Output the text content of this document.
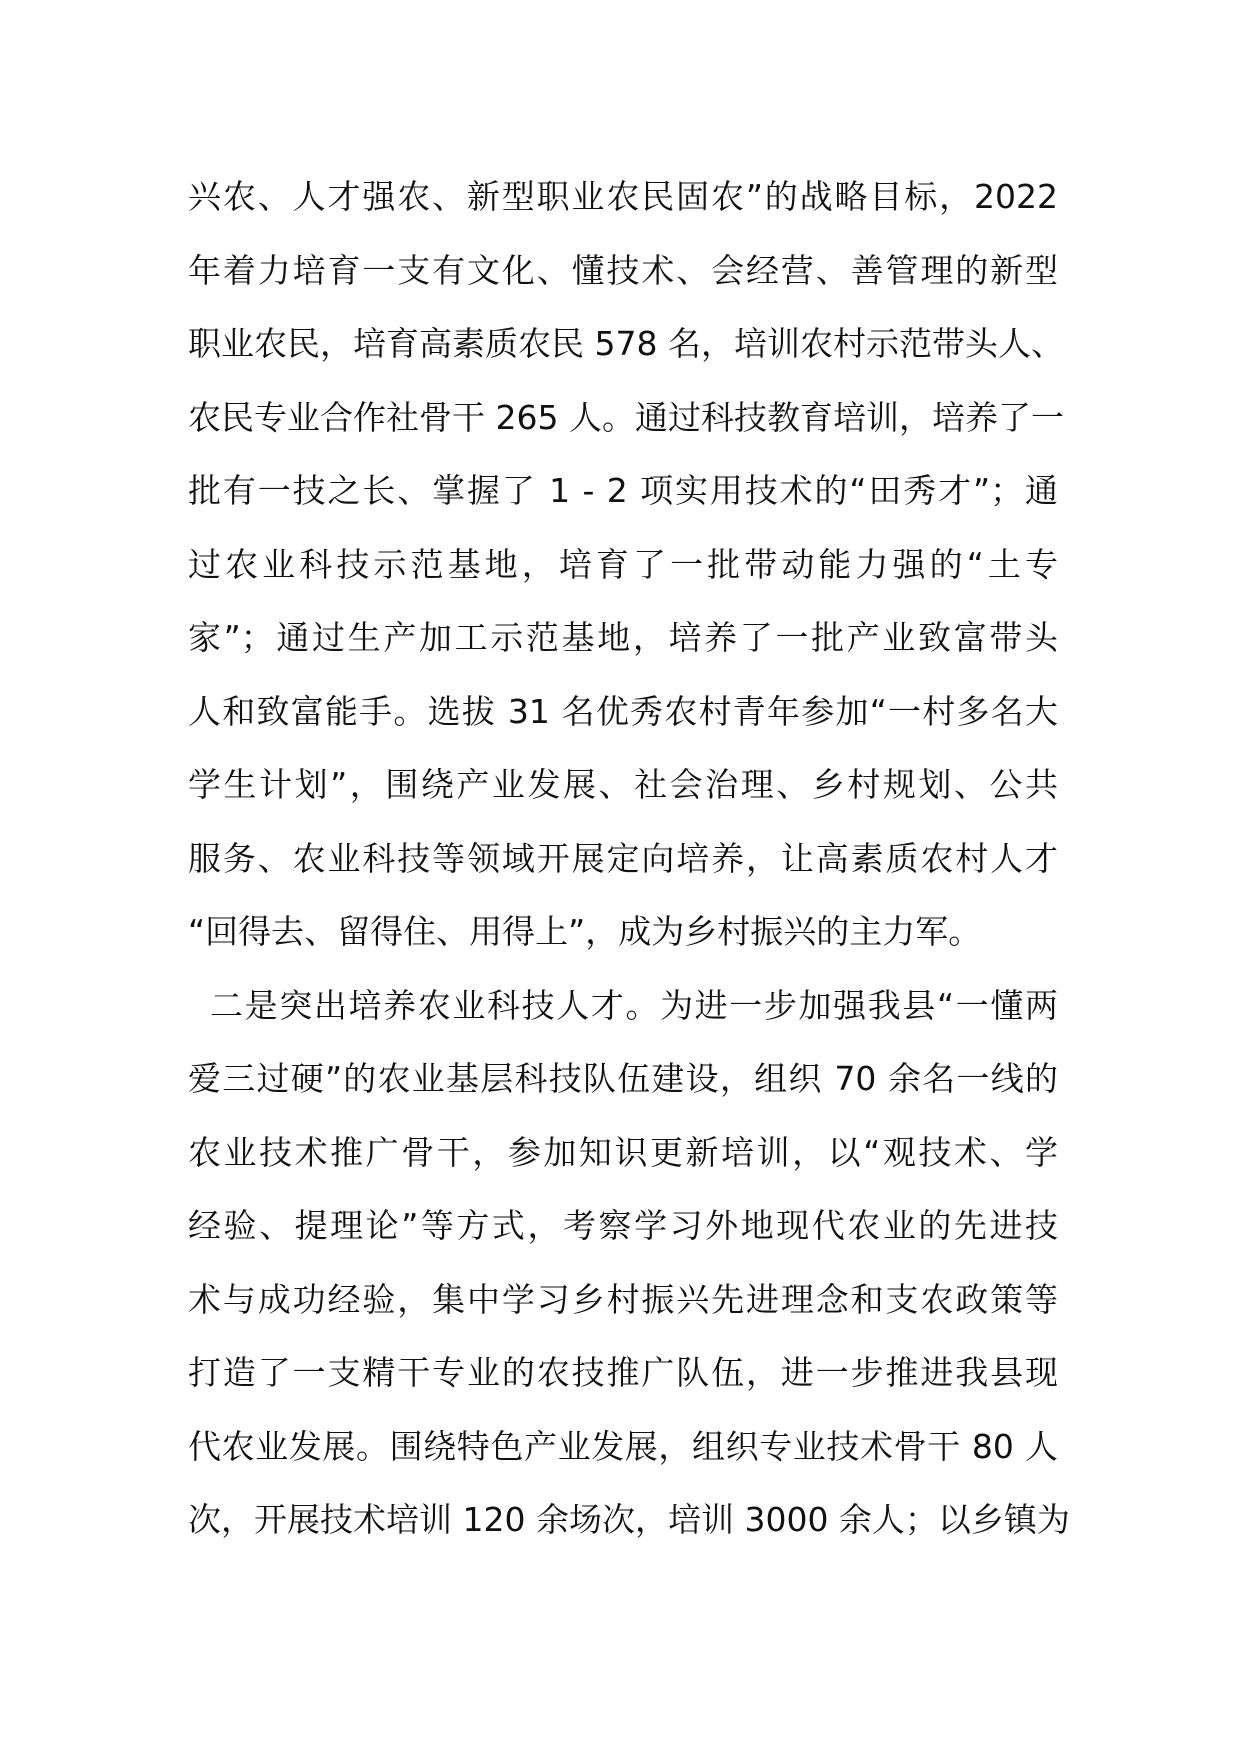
兴农、人才强农、新型职业农民固农”的战略目标，2022
年着力培育一支有文化、懂技术、会经营、善管理的新型
职业农民，培育高素质农民 578 名，培训农村示范带头人、
农民专业合作社骨干 265 人。通过科技教育培训，培养了一
批有一技之长、掌握了 1 - 2 项实用技术的“田秀才”；通
过农业科技示范基地，培育了一批带动能力强的“土专
家”；通过生产加工示范基地，培养了一批产业致富带头
人和致富能手。选拔 31 名优秀农村青年参加“一村多名大
学生计划”，围绕产业发展、社会治理、乡村规划、公共
服务、农业科技等领域开展定向培养，让高素质农村人才
“回得去、留得住、用得上”，成为乡村振兴的主力军。
二是突出培养农业科技人才。为进一步加强我县“一懂两
爱三过硬”的农业基层科技队伍建设，组织 70 余名一线的
农业技术推广骨干，参加知识更新培训，以“观技术、学
经验、提理论”等方式，考察学习外地现代农业的先进技
术与成功经验，集中学习乡村振兴先进理念和支农政策等
打造了一支精干专业的农技推广队伍，进一步推进我县现
代农业发展。围绕特色产业发展，组织专业技术骨干 80 人
次，开展技术培训 120 余场次，培训 3000 余人；以乡镇为
